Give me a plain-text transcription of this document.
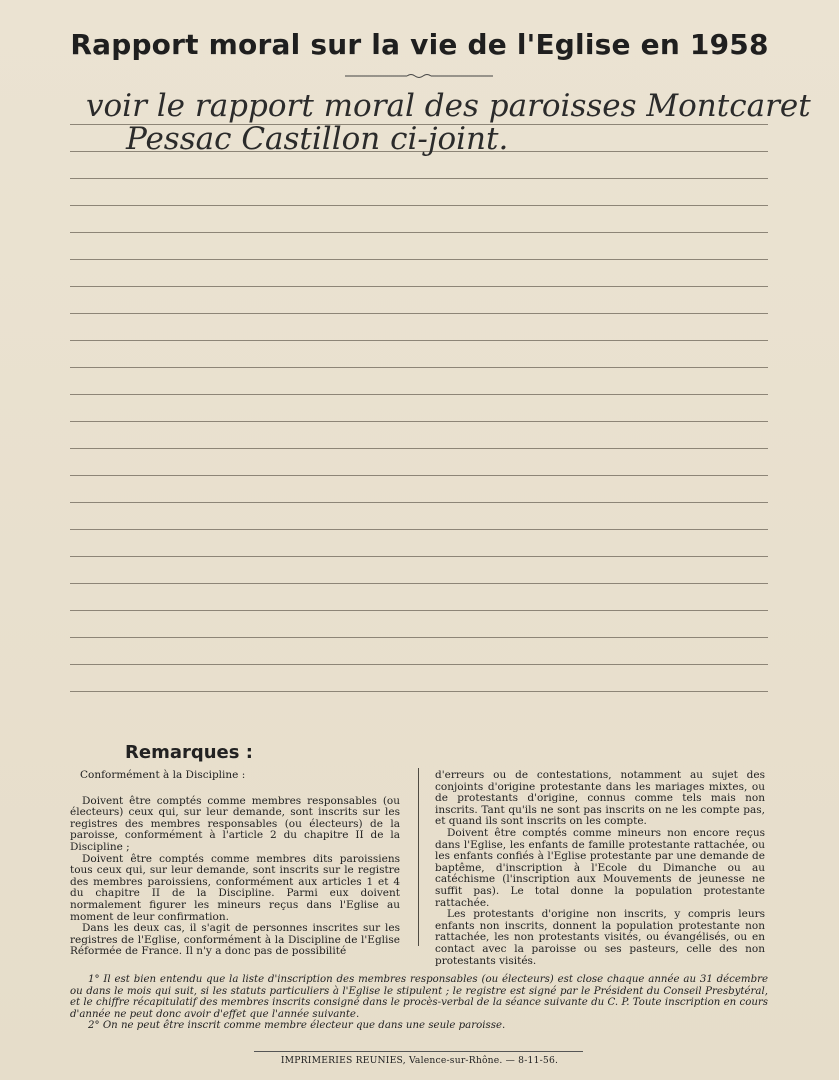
Rapport moral sur la vie de l'Eglise en 1958
voir le rapport moral des paroisses Montcaret
Pessac Castillon ci-joint.
Remarques :

Conformément à la Discipline :

Doivent être comptés comme membres responsables (ou électeurs) ceux qui, sur leur demande, sont inscrits sur les registres des membres responsables (ou électeurs) de la paroisse, conformément à l'article 2 du chapitre II de la Discipline ;

Doivent être comptés comme membres dits paroissiens tous ceux qui, sur leur demande, sont inscrits sur le registre des membres paroissiens, conformément aux articles 1 et 4 du chapitre II de la Discipline. Parmi eux doivent normalement figurer les mineurs reçus dans l'Eglise au moment de leur confirmation.

Dans les deux cas, il s'agit de personnes inscrites sur les registres de l'Eglise, conformément à la Discipline de l'Eglise Réformée de France. Il n'y a donc pas de possibilité

d'erreurs ou de contestations, notamment au sujet des conjoints d'origine protestante dans les mariages mixtes, ou de protestants d'origine, connus comme tels mais non inscrits. Tant qu'ils ne sont pas inscrits on ne les compte pas, et quand ils sont inscrits on les compte.

Doivent être comptés comme mineurs non encore reçus dans l'Eglise, les enfants de famille protestante rattachée, ou les enfants confiés à l'Eglise protestante par une demande de baptême, d'inscription à l'Ecole du Dimanche ou au catéchisme (l'inscription aux Mouvements de jeunesse ne suffit pas). Le total donne la population protestante rattachée.

Les protestants d'origine non inscrits, y compris leurs enfants non inscrits, donnent la population protestante non rattachée, les non protestants visités, ou évangélisés, ou en contact avec la paroisse ou ses pasteurs, celle des non protestants visités.

1° Il est bien entendu que la liste d'inscription des membres responsables (ou électeurs) est close chaque année au 31 décembre ou dans le mois qui suit, si les statuts particuliers à l'Eglise le stipulent ; le registre est signé par le Président du Conseil Presbytéral, et le chiffre récapitulatif des membres inscrits consigné dans le procès-verbal de la séance suivante du C. P. Toute inscription en cours d'année ne peut donc avoir d'effet que l'année suivante.

2° On ne peut être inscrit comme membre électeur que dans une seule paroisse.

IMPRIMERIES REUNIES, Valence-sur-Rhône. — 8-11-56.
